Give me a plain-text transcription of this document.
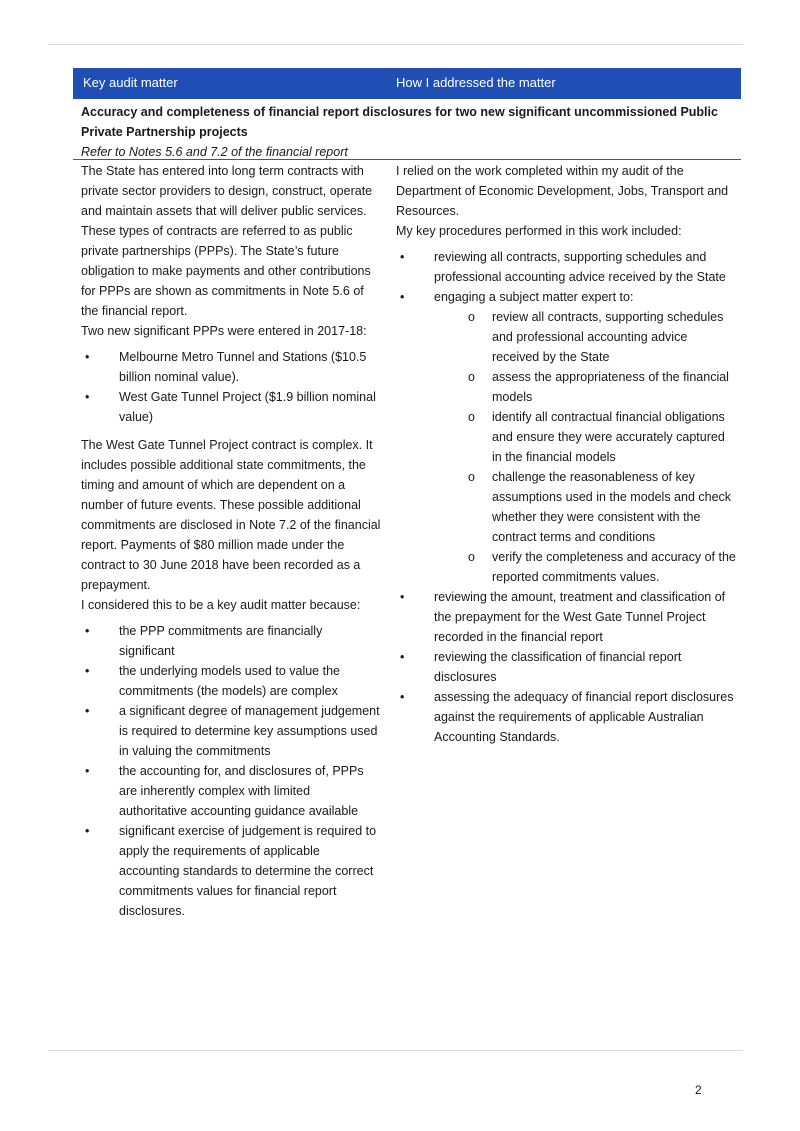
Key audit matter	How I addressed the matter
Accuracy and completeness of financial report disclosures for two new significant uncommissioned Public Private Partnership projects
Refer to Notes 5.6 and 7.2 of the financial report

The State has entered into long term contracts with private sector providers to design, construct, operate and maintain assets that will deliver public services. These types of contracts are referred to as public private partnerships (PPPs). The State’s future obligation to make payments and other contributions for PPPs are shown as commitments in Note 5.6 of the financial report.

Two new significant PPPs were entered in 2017-18:

• Melbourne Metro Tunnel and Stations ($10.5 billion nominal value).
• West Gate Tunnel Project ($1.9 billion nominal value)

The West Gate Tunnel Project contract is complex. It includes possible additional state commitments, the timing and amount of which are dependent on a number of future events. These possible additional commitments are disclosed in Note 7.2 of the financial report. Payments of $80 million made under the contract to 30 June 2018 have been recorded as a prepayment.

I considered this to be a key audit matter because:

• the PPP commitments are financially significant
• the underlying models used to value the commitments (the models) are complex
• a significant degree of management judgement is required to determine key assumptions used in valuing the commitments
• the accounting for, and disclosures of, PPPs are inherently complex with limited authoritative accounting guidance available
• significant exercise of judgement is required to apply the requirements of applicable accounting standards to determine the correct commitments values for financial report disclosures.

I relied on the work completed within my audit of the Department of Economic Development, Jobs, Transport and Resources.

My key procedures performed in this work included:

• reviewing all contracts, supporting schedules and professional accounting advice received by the State
• engaging a subject matter expert to:
o review all contracts, supporting schedules and professional accounting advice received by the State
o assess the appropriateness of the financial models
o identify all contractual financial obligations and ensure they were accurately captured in the financial models
o challenge the reasonableness of key assumptions used in the models and check whether they were consistent with the contract terms and conditions
o verify the completeness and accuracy of the reported commitments values.
• reviewing the amount, treatment and classification of the prepayment for the West Gate Tunnel Project recorded in the financial report
• reviewing the classification of financial report disclosures
• assessing the adequacy of financial report disclosures against the requirements of applicable Australian Accounting Standards.
2
